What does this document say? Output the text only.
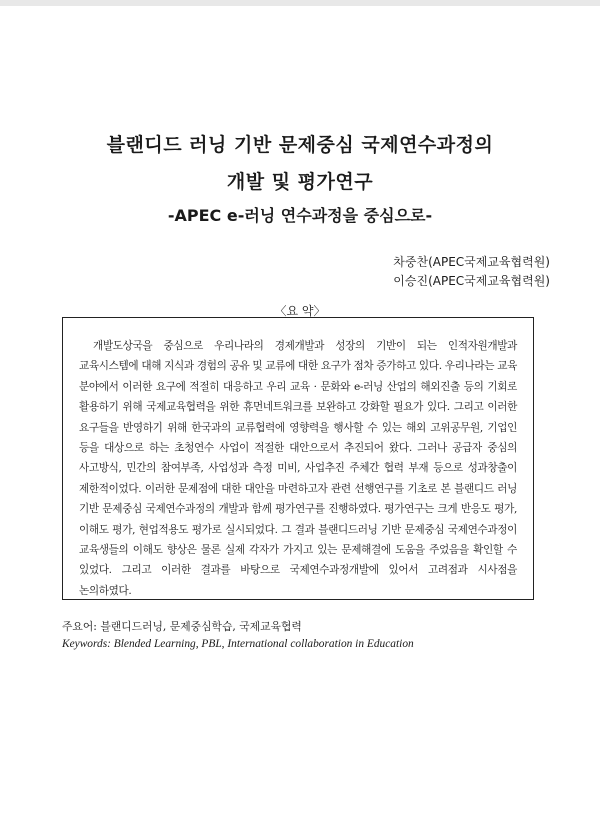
블랜디드 러닝 기반 문제중심 국제연수과정의
개발 및 평가연구
-APEC e-러닝 연수과정을 중심으로-
차중찬(APEC국제교육협력원)
이승진(APEC국제교육협력원)
〈요 약〉

개발도상국을 중심으로 우리나라의 경제개발과 성장의 기반이 되는 인적자원개발과 교육시스템에 대해 지식과 경험의 공유 및 교류에 대한 요구가 점차 증가하고 있다. 우리나라는 교육 분야에서 이러한 요구에 적절히 대응하고 우리 교육 · 문화와 e-러닝 산업의 해외진출 등의 기회로 활용하기 위해 국제교육협력을 위한 휴먼네트워크를 보완하고 강화할 필요가 있다. 그리고 이러한 요구들을 반영하기 위해 한국과의 교류협력에 영향력을 행사할 수 있는 해외 고위공무원, 기업인 등을 대상으로 하는 초청연수 사업이 적절한 대안으로서 추진되어 왔다. 그러나 공급자 중심의 사고방식, 민간의 참여부족, 사업성과 측정 미비, 사업추진 주체간 협력 부재 등으로 성과창출이 제한적이었다. 이러한 문제점에 대한 대안을 마련하고자 관련 선행연구를 기초로 본 블랜디드 러닝 기반 문제중심 국제연수과정의 개발과 함께 평가연구를 진행하였다. 평가연구는 크게 반응도 평가, 이해도 평가, 현업적용도 평가로 실시되었다. 그 결과 블랜디드러닝 기반 문제중심 국제연수과정이 교육생들의 이해도 향상은 물론 실제 각자가 가지고 있는 문제해결에 도움을 주었음을 확인할 수 있었다. 그리고 이러한 결과를 바탕으로 국제연수과정개발에 있어서 고려점과 시사점을 논의하였다.

주요어: 블랜디드러닝, 문제중심학습, 국제교육협력
Keywords: Blended Learning, PBL, International collaboration in Education
